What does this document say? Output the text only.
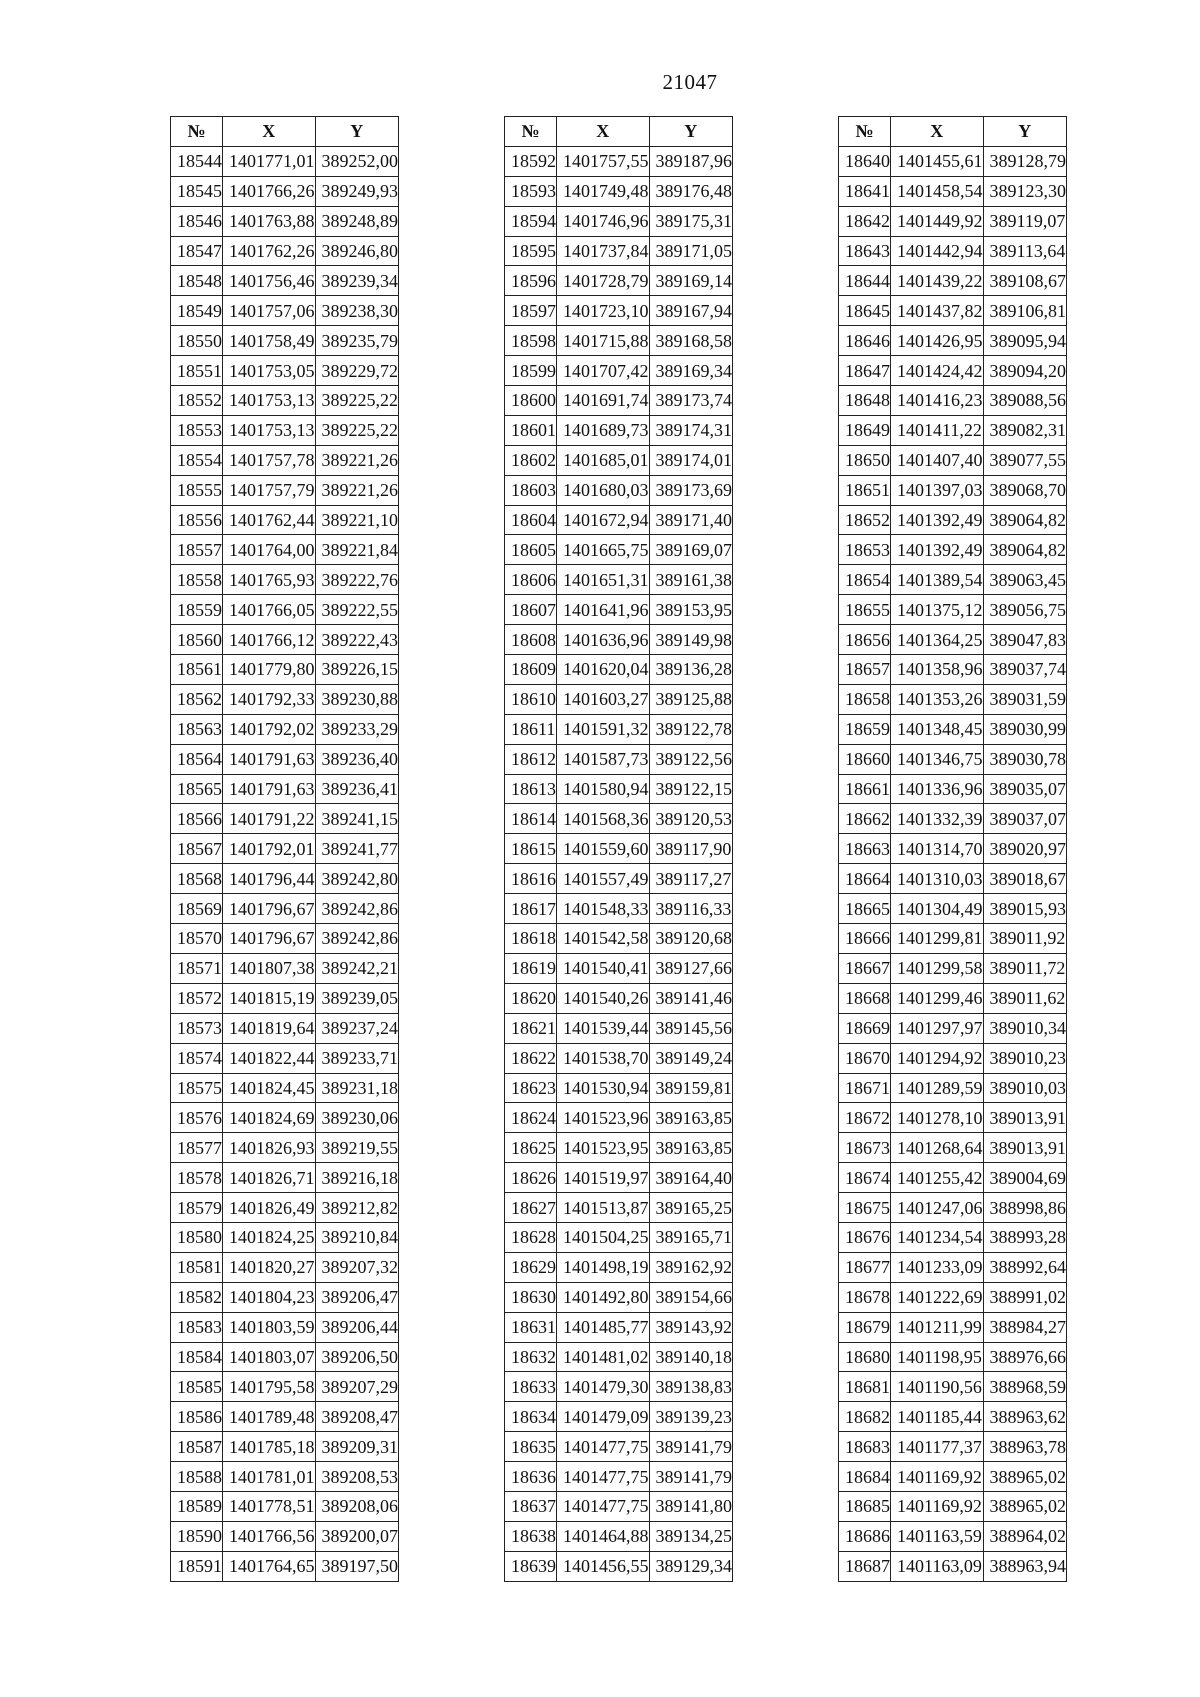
21047
№	X	Y
18544	1401771,01	389252,00
18545	1401766,26	389249,93
18546	1401763,88	389248,89
18547	1401762,26	389246,80
18548	1401756,46	389239,34
18549	1401757,06	389238,30
18550	1401758,49	389235,79
18551	1401753,05	389229,72
18552	1401753,13	389225,22
18553	1401753,13	389225,22
18554	1401757,78	389221,26
18555	1401757,79	389221,26
18556	1401762,44	389221,10
18557	1401764,00	389221,84
18558	1401765,93	389222,76
18559	1401766,05	389222,55
18560	1401766,12	389222,43
18561	1401779,80	389226,15
18562	1401792,33	389230,88
18563	1401792,02	389233,29
18564	1401791,63	389236,40
18565	1401791,63	389236,41
18566	1401791,22	389241,15
18567	1401792,01	389241,77
18568	1401796,44	389242,80
18569	1401796,67	389242,86
18570	1401796,67	389242,86
18571	1401807,38	389242,21
18572	1401815,19	389239,05
18573	1401819,64	389237,24
18574	1401822,44	389233,71
18575	1401824,45	389231,18
18576	1401824,69	389230,06
18577	1401826,93	389219,55
18578	1401826,71	389216,18
18579	1401826,49	389212,82
18580	1401824,25	389210,84
18581	1401820,27	389207,32
18582	1401804,23	389206,47
18583	1401803,59	389206,44
18584	1401803,07	389206,50
18585	1401795,58	389207,29
18586	1401789,48	389208,47
18587	1401785,18	389209,31
18588	1401781,01	389208,53
18589	1401778,51	389208,06
18590	1401766,56	389200,07
18591	1401764,65	389197,50
№	X	Y
18592	1401757,55	389187,96
18593	1401749,48	389176,48
18594	1401746,96	389175,31
18595	1401737,84	389171,05
18596	1401728,79	389169,14
18597	1401723,10	389167,94
18598	1401715,88	389168,58
18599	1401707,42	389169,34
18600	1401691,74	389173,74
18601	1401689,73	389174,31
18602	1401685,01	389174,01
18603	1401680,03	389173,69
18604	1401672,94	389171,40
18605	1401665,75	389169,07
18606	1401651,31	389161,38
18607	1401641,96	389153,95
18608	1401636,96	389149,98
18609	1401620,04	389136,28
18610	1401603,27	389125,88
18611	1401591,32	389122,78
18612	1401587,73	389122,56
18613	1401580,94	389122,15
18614	1401568,36	389120,53
18615	1401559,60	389117,90
18616	1401557,49	389117,27
18617	1401548,33	389116,33
18618	1401542,58	389120,68
18619	1401540,41	389127,66
18620	1401540,26	389141,46
18621	1401539,44	389145,56
18622	1401538,70	389149,24
18623	1401530,94	389159,81
18624	1401523,96	389163,85
18625	1401523,95	389163,85
18626	1401519,97	389164,40
18627	1401513,87	389165,25
18628	1401504,25	389165,71
18629	1401498,19	389162,92
18630	1401492,80	389154,66
18631	1401485,77	389143,92
18632	1401481,02	389140,18
18633	1401479,30	389138,83
18634	1401479,09	389139,23
18635	1401477,75	389141,79
18636	1401477,75	389141,79
18637	1401477,75	389141,80
18638	1401464,88	389134,25
18639	1401456,55	389129,34
№	X	Y
18640	1401455,61	389128,79
18641	1401458,54	389123,30
18642	1401449,92	389119,07
18643	1401442,94	389113,64
18644	1401439,22	389108,67
18645	1401437,82	389106,81
18646	1401426,95	389095,94
18647	1401424,42	389094,20
18648	1401416,23	389088,56
18649	1401411,22	389082,31
18650	1401407,40	389077,55
18651	1401397,03	389068,70
18652	1401392,49	389064,82
18653	1401392,49	389064,82
18654	1401389,54	389063,45
18655	1401375,12	389056,75
18656	1401364,25	389047,83
18657	1401358,96	389037,74
18658	1401353,26	389031,59
18659	1401348,45	389030,99
18660	1401346,75	389030,78
18661	1401336,96	389035,07
18662	1401332,39	389037,07
18663	1401314,70	389020,97
18664	1401310,03	389018,67
18665	1401304,49	389015,93
18666	1401299,81	389011,92
18667	1401299,58	389011,72
18668	1401299,46	389011,62
18669	1401297,97	389010,34
18670	1401294,92	389010,23
18671	1401289,59	389010,03
18672	1401278,10	389013,91
18673	1401268,64	389013,91
18674	1401255,42	389004,69
18675	1401247,06	388998,86
18676	1401234,54	388993,28
18677	1401233,09	388992,64
18678	1401222,69	388991,02
18679	1401211,99	388984,27
18680	1401198,95	388976,66
18681	1401190,56	388968,59
18682	1401185,44	388963,62
18683	1401177,37	388963,78
18684	1401169,92	388965,02
18685	1401169,92	388965,02
18686	1401163,59	388964,02
18687	1401163,09	388963,94
